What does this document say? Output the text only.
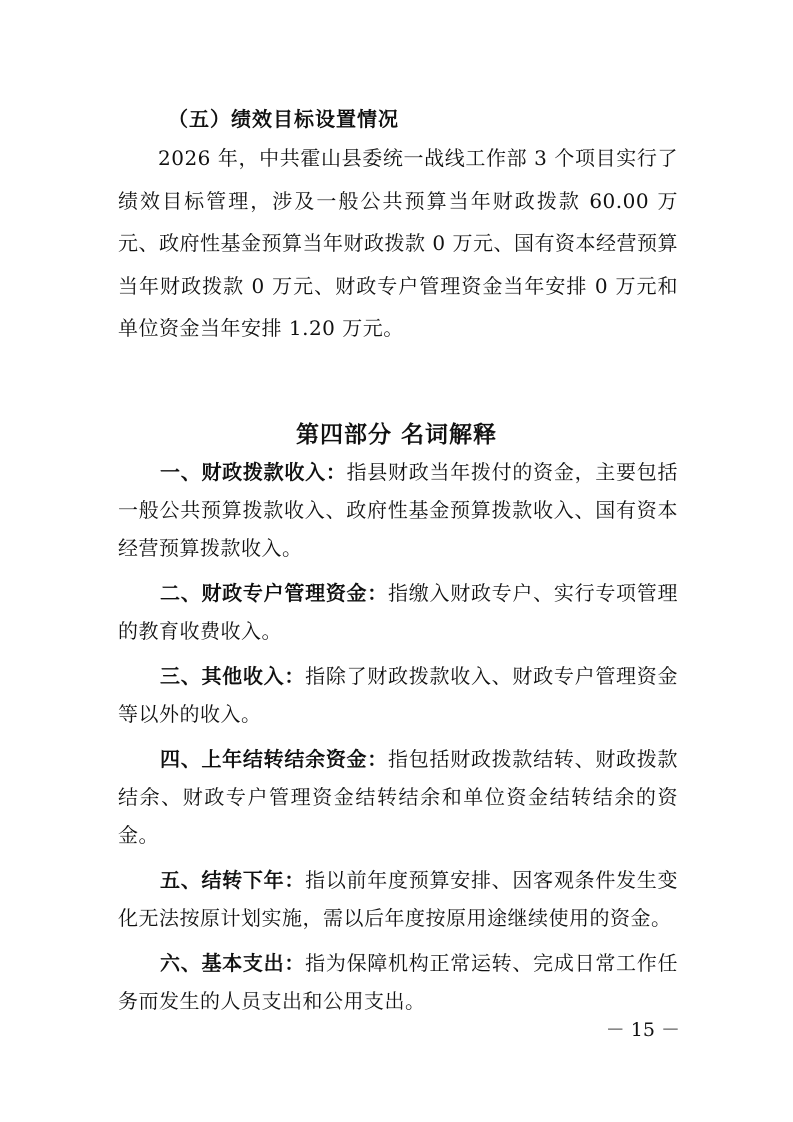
（五）绩效目标设置情况

2026 年，中共霍山县委统一战线工作部 3 个项目实行了绩效目标管理，涉及一般公共预算当年财政拨款 60.00 万元、政府性基金预算当年财政拨款 0 万元、国有资本经营预算当年财政拨款 0 万元、财政专户管理资金当年安排 0 万元和单位资金当年安排 1.20 万元。

第四部分 名词解释

一、财政拨款收入：指县财政当年拨付的资金，主要包括一般公共预算拨款收入、政府性基金预算拨款收入、国有资本经营预算拨款收入。

二、财政专户管理资金：指缴入财政专户、实行专项管理的教育收费收入。

三、其他收入：指除了财政拨款收入、财政专户管理资金等以外的收入。

四、上年结转结余资金：指包括财政拨款结转、财政拨款结余、财政专户管理资金结转结余和单位资金结转结余的资金。

五、结转下年：指以前年度预算安排、因客观条件发生变化无法按原计划实施，需以后年度按原用途继续使用的资金。

六、基本支出：指为保障机构正常运转、完成日常工作任务而发生的人员支出和公用支出。

－ 15 －
